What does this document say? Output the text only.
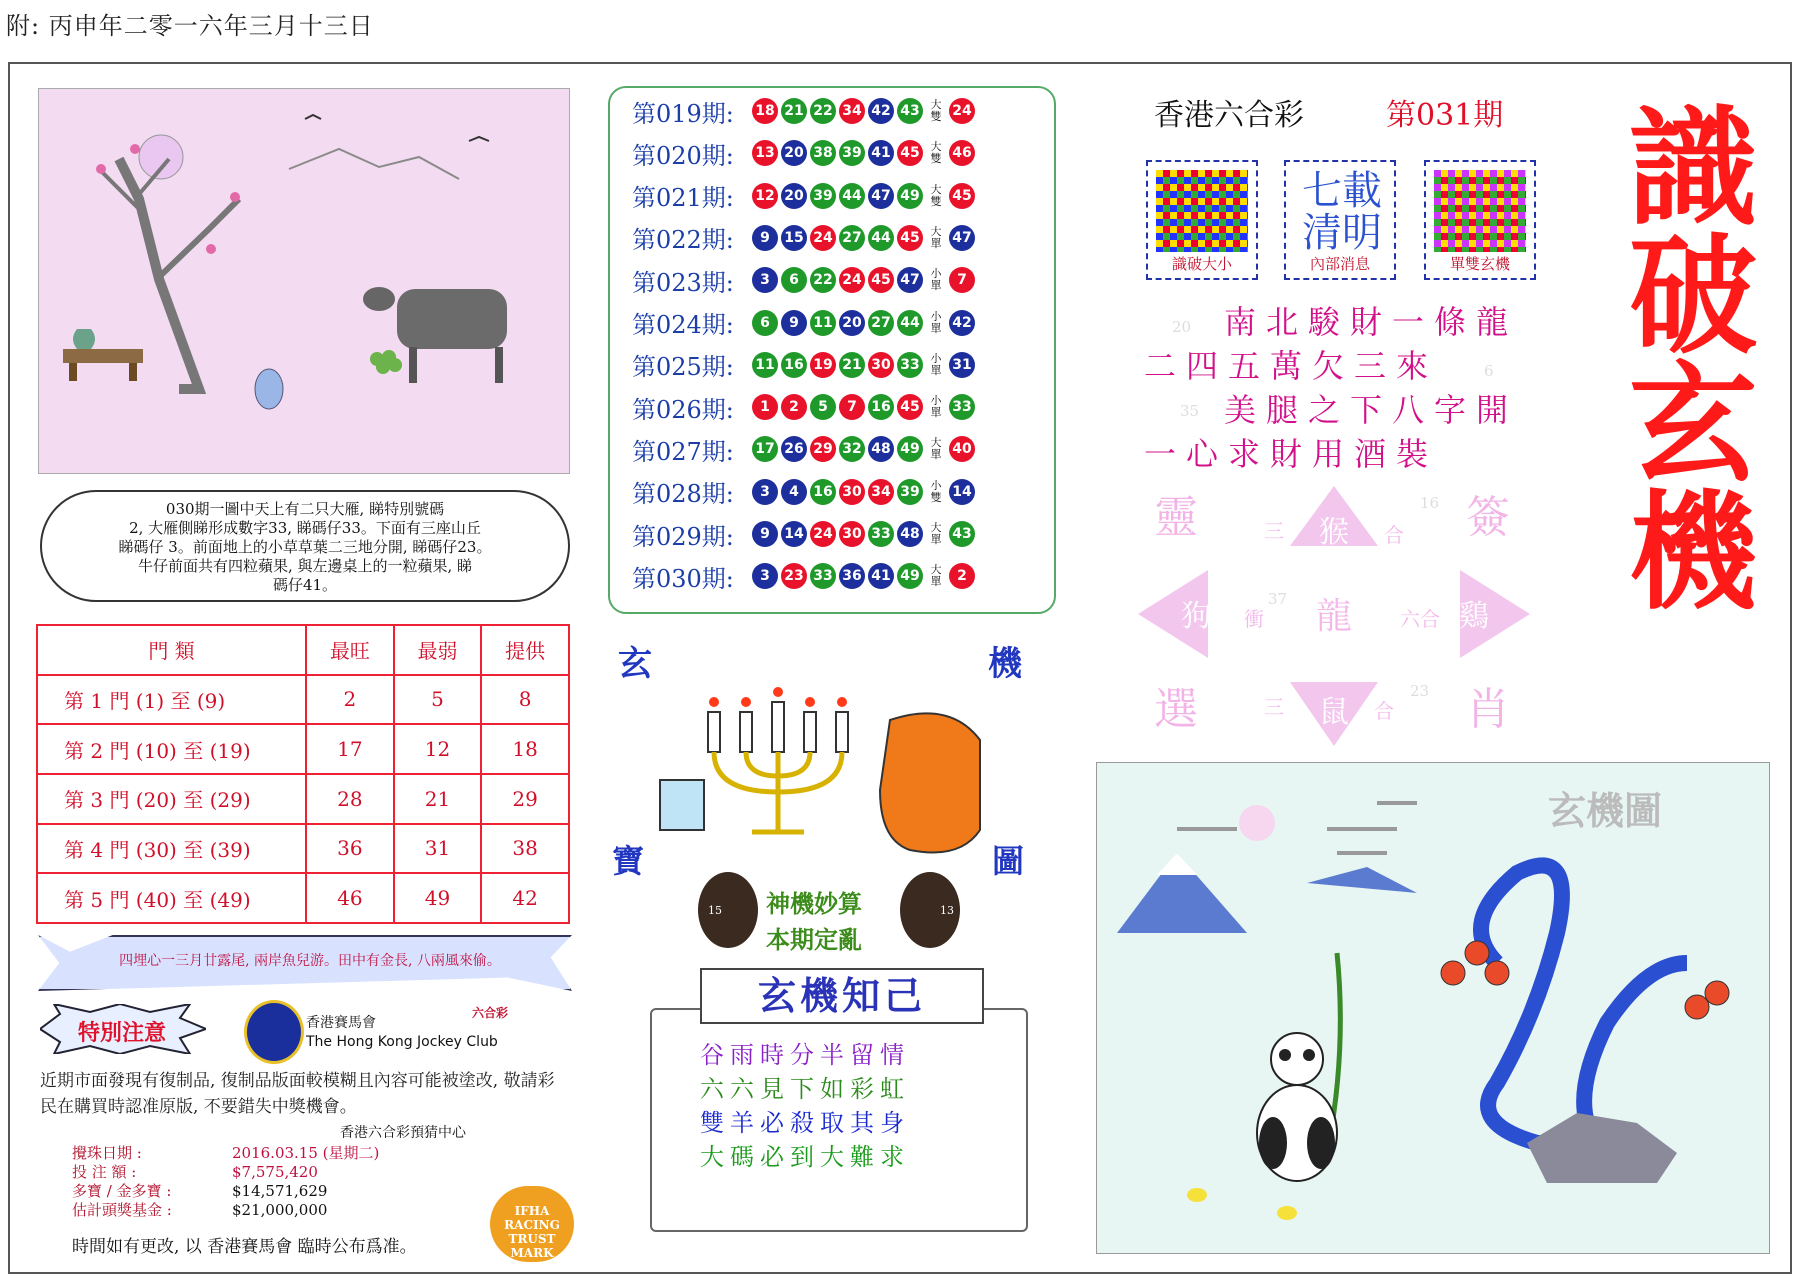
附: 丙申年二零一六年三月十三日
030期一圖中天上有二只大雁, 睇特別號碼
2, 大雁側睇形成數字33, 睇碼仔33。下面有三座山丘
睇碼仔 3。前面地上的小草草葉二三地分開, 睇碼仔23。
牛仔前面共有四粒蘋果, 與左邊桌上的一粒蘋果, 睇
碼仔41。
門 類	最旺	最弱	提供
第 1 門 (1) 至 (9)	2	5	8
第 2 門 (10) 至 (19)	17	12	18
第 3 門 (20) 至 (29)	28	21	29
第 4 門 (30) 至 (39)	36	31	38
第 5 門 (40) 至 (49)	46	49	42
四埋心一三月廿露尾, 兩岸魚兒游。田中有金長, 八兩風來偷。
特別注意	香港賽馬會
The Hong Kong Jockey Club
六合彩
近期市面發現有復制品, 復制品版面較模糊且內容可能被塗改, 敬請彩民在購買時認准原版, 不要錯失中獎機會。
香港六合彩預猜中心
攪珠日期 :	2016.03.15 (星期二)
投 注 額 :	$7,575,420
多寶 / 金多寶 :	$14,571,629
估計頭獎基金 :	$21,000,000
時間如有更改, 以 香港賽馬會 臨時公布爲准。
IFHA RACING TRUST MARK
第019期:	18 21 22 34 42 43 大雙 24
第020期:	13 20 38 39 41 45 大雙 46
第021期:	12 20 39 44 47 49 大雙 45
第022期:	9	15 24 27 44 45 大單 47
第023期:	3	6	22 24 45 47 小單	7
第024期:	6	9	11 20 27 44 小單 42
第025期:	11 16 19 21 30 33 小單 31
第026期:	1	2	5	7	16 45 小單 33
第027期:	17 26 29 32 48 49 大單 40
第028期:	3	4	16 30 34 39 小雙 14
第029期:	9	14 24 30 33 48 大單 43
第030期:	3	23 33 36 41 49 大單	2
玄	機
寶	圖
15	13
神機妙算
本期定亂
玄機知己
谷雨時分半留情
六六見下如彩虹
雙羊必殺取其身
大碼必到大難求
香港六合彩	第031期
識破大小	內部消息
七載
清明
單雙玄機
南北駿財一條龍
二四五萬欠三來
美腿之下八字開
一心求財用酒裝
20
6
35
靈	簽
選	肖
猴
狗	鷄
鼠
龍
三	合
衝	六合
三	合
16
37
23
識破玄機
玄機圖
